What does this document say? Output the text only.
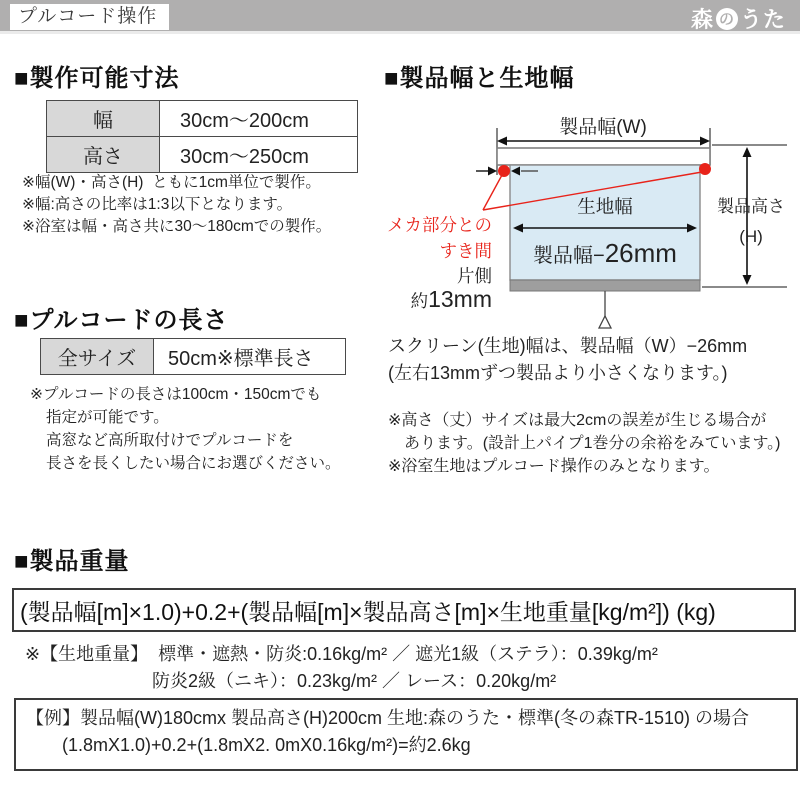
プルコード操作	森 の うた
■製作可能寸法
幅	30cm〜200cm
高さ	30cm〜250cm
※幅(W)・高さ(H)  ともに1cm単位で製作。
※幅:高さの比率は1:3以下となります。
※浴室は幅・高さ共に30〜180cmでの製作。
■プルコードの長さ
全サイズ	50cm※標準長さ
※プルコードの長さは100cm・150cmでも
指定が可能です。
高窓など高所取付けでプルコードを
長さを長くしたい場合にお選びください。
■製品幅と生地幅
製品幅(W)
メカ部分との
すき間
片側
約13mm
生地幅
製品幅−26mm
製品高さ
(H)
スクリーン(生地)幅は、製品幅（W）−26mm
(左右13mmずつ製品より小さくなります。)
※高さ（丈）サイズは最大2cmの誤差が生じる場合が
　あります。(設計上パイプ1巻分の余裕をみています。)
※浴室生地はプルコード操作のみとなります。
■製品重量
(製品幅[m]×1.0)+0.2+(製品幅[m]×製品高さ[m]×生地重量[kg/m²]) (kg)
※【生地重量】 標準・遮熱・防炎:0.16kg/m² ／ 遮光1級（ステラ）：0.39kg/m²
防炎2級（ニキ）：0.23kg/m² ／ レース：0.20kg/m²
【例】製品幅(W)180cmx 製品高さ(H)200cm 生地:森のうた・標準(冬の森TR-1510) の場合
(1.8mX1.0)+0.2+(1.8mX2. 0mX0.16kg/m²)=約2.6kg
